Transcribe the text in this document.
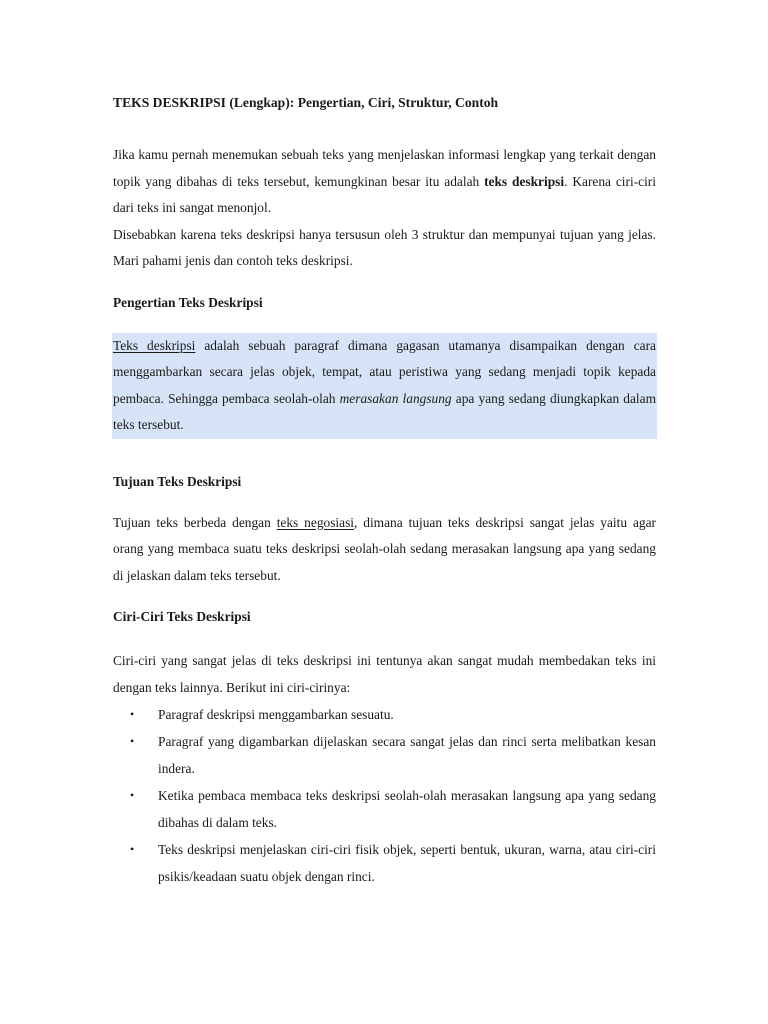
TEKS DESKRIPSI (Lengkap): Pengertian, Ciri, Struktur, Contoh

Jika kamu pernah menemukan sebuah teks yang menjelaskan informasi lengkap yang terkait dengan topik yang dibahas di teks tersebut, kemungkinan besar itu adalah teks deskripsi. Karena ciri-ciri dari teks ini sangat menonjol.

Disebabkan karena teks deskripsi hanya tersusun oleh 3 struktur dan mempunyai tujuan yang jelas. Mari pahami jenis dan contoh teks deskripsi.

Pengertian Teks Deskripsi

Teks deskripsi adalah sebuah paragraf dimana gagasan utamanya disampaikan dengan cara menggambarkan secara jelas objek, tempat, atau peristiwa yang sedang menjadi topik kepada pembaca. Sehingga pembaca seolah-olah merasakan langsung apa yang sedang diungkapkan dalam teks tersebut.

Tujuan Teks Deskripsi

Tujuan teks berbeda dengan teks negosiasi, dimana tujuan teks deskripsi sangat jelas yaitu agar orang yang membaca suatu teks deskripsi seolah-olah sedang merasakan langsung apa yang sedang di jelaskan dalam teks tersebut.

Ciri-Ciri Teks Deskripsi

Ciri-ciri yang sangat jelas di teks deskripsi ini tentunya akan sangat mudah membedakan teks ini dengan teks lainnya. Berikut ini ciri-cirinya:

• Paragraf deskripsi menggambarkan sesuatu.
• Paragraf yang digambarkan dijelaskan secara sangat jelas dan rinci serta melibatkan kesan indera.
• Ketika pembaca membaca teks deskripsi seolah-olah merasakan langsung apa yang sedang dibahas di dalam teks.
• Teks deskripsi menjelaskan ciri-ciri fisik objek, seperti bentuk, ukuran, warna, atau ciri-ciri psikis/keadaan suatu objek dengan rinci.
